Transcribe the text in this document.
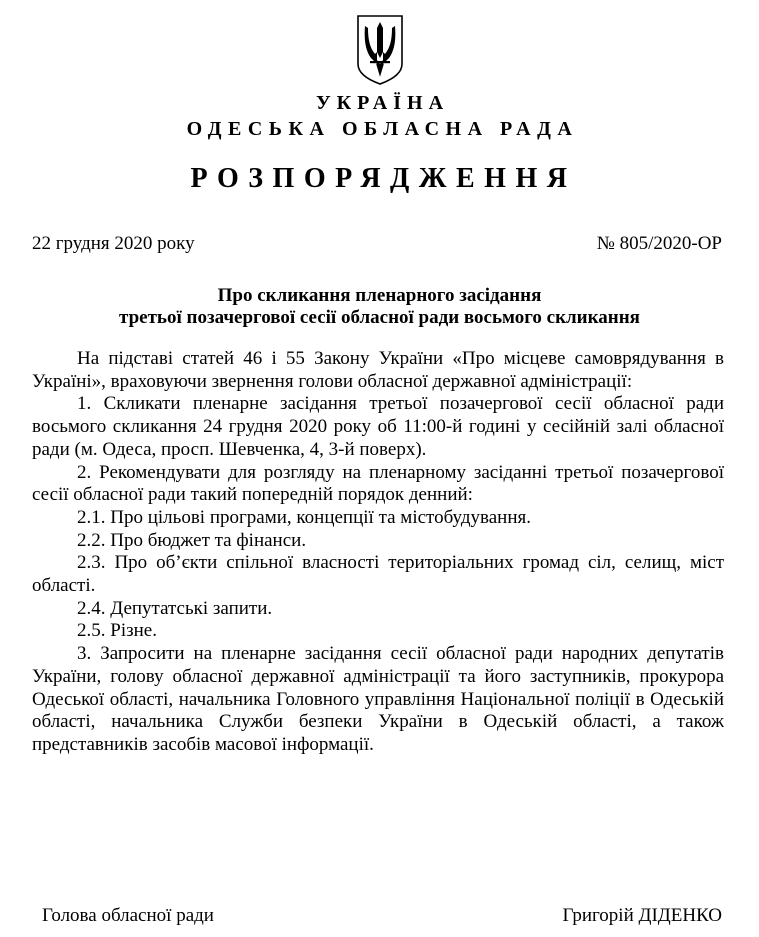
УКРАЇНА
ОДЕСЬКА ОБЛАСНА РАДА
РОЗПОРЯДЖЕННЯ
22 грудня 2020 року	№ 805/2020-ОР
Про скликання пленарного засідання
третьої позачергової сесії обласної ради восьмого скликання

На підставі статей 46 і 55 Закону України «Про місцеве самоврядування в Україні», враховуючи звернення голови обласної державної адміністрації:

1. Скликати пленарне засідання третьої позачергової сесії обласної ради восьмого скликання 24 грудня 2020 року об 11:00-й годині у сесійній залі обласної ради (м. Одеса, просп. Шевченка, 4, 3-й поверх).

2. Рекомендувати для розгляду на пленарному засіданні третьої позачергової сесії обласної ради такий попередній порядок денний:

2.1. Про цільові програми, концепції та містобудування.

2.2. Про бюджет та фінанси.

2.3. Про об’єкти спільної власності територіальних громад сіл, селищ, міст області.

2.4. Депутатські запити.

2.5. Різне.

3. Запросити на пленарне засідання сесії обласної ради народних депутатів України, голову обласної державної адміністрації та його заступників, прокурора Одеської області, начальника Головного управління Національної поліції в Одеській області, начальника Служби безпеки України в Одеській області, а також представників засобів масової інформації.

Голова обласної ради	Григорій ДІДЕНКО
